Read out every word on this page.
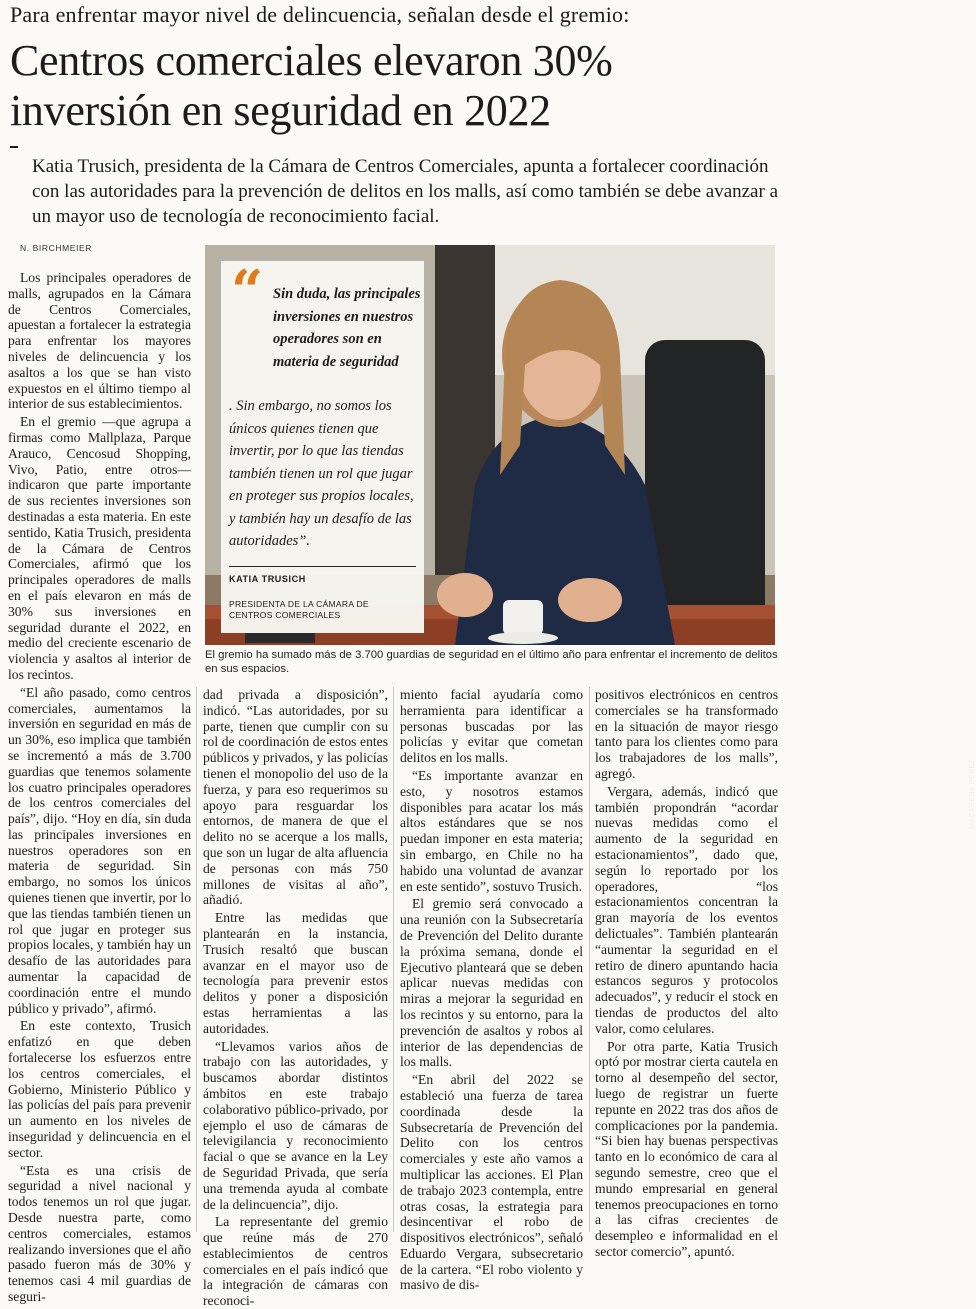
Para enfrentar mayor nivel de delincuencia, señalan desde el gremio:
Centros comerciales elevaron 30% inversión en seguridad en 2022

Katia Trusich, presidenta de la Cámara de Centros Comerciales, apunta a fortalecer coordinación con las autoridades para la prevención de delitos en los malls, así como también se debe avanzar a un mayor uso de tecnología de reconocimiento facial.

N. BIRCHMEIER

Los principales operadores de malls, agrupados en la Cámara de Centros Comerciales, apuestan a fortalecer la estrategia para enfrentar los mayores niveles de delincuencia y los asaltos a los que se han visto expuestos en el último tiempo al interior de sus establecimientos.

En el gremio —que agrupa a firmas como Mallplaza, Parque Arauco, Cencosud Shopping, Vivo, Patio, entre otros— indicaron que parte importante de sus recientes inversiones son destinadas a esta materia. En este sentido, Katia Trusich, presidenta de la Cámara de Centros Comerciales, afirmó que los principales operadores de malls en el país elevaron en más de 30% sus inversiones en seguridad durante el 2022, en medio del creciente escenario de violencia y asaltos al interior de los recintos.

“El año pasado, como centros comerciales, aumentamos la inversión en seguridad en más de un 30%, eso implica que también se incrementó a más de 3.700 guardias que tenemos solamente los cuatro principales operadores de los centros comerciales del país”, dijo. “Hoy en día, sin duda las principales inversiones en nuestros operadores son en materia de seguridad. Sin embargo, no somos los únicos quienes tienen que invertir, por lo que las tiendas también tienen un rol que jugar en proteger sus propios locales, y también hay un desafío de las autoridades para aumentar la capacidad de coordinación entre el mundo público y privado”, afirmó.

En este contexto, Trusich enfatizó en que deben fortalecerse los esfuerzos entre los centros comerciales, el Gobierno, Ministerio Público y las policías del país para prevenir un aumento en los niveles de inseguridad y delincuencia en el sector.

“Esta es una crisis de seguridad a nivel nacional y todos tenemos un rol que jugar. Desde nuestra parte, como centros comerciales, estamos realizando inversiones que el año pasado fueron más de 30% y tenemos casi 4 mil guardias de seguri-

MACARENA PÉREZ
“ Sin duda, las principales inversiones en nuestros operadores son en materia de seguridad
. Sin embargo, no somos los únicos quienes tienen que invertir, por lo que las tiendas también tienen un rol que jugar en proteger sus propios locales, y también hay un desafío de las autoridades”.
KATIA TRUSICH
PRESIDENTA DE LA CÁMARA DE CENTROS COMERCIALES
El gremio ha sumado más de 3.700 guardias de seguridad en el último año para enfrentar el incremento de delitos en sus espacios.

dad privada a disposición”, indicó. “Las autoridades, por su parte, tienen que cumplir con su rol de coordinación de estos entes públicos y privados, y las policías tienen el monopolio del uso de la fuerza, y para eso requerimos su apoyo para resguardar los entornos, de manera de que el delito no se acerque a los malls, que son un lugar de alta afluencia de personas con más 750 millones de visitas al año”, añadió.

Entre las medidas que plantearán en la instancia, Trusich resaltó que buscan avanzar en el mayor uso de tecnología para prevenir estos delitos y poner a disposición estas herramientas a las autoridades.

“Llevamos varios años de trabajo con las autoridades, y buscamos abordar distintos ámbitos en este trabajo colaborativo público-privado, por ejemplo el uso de cámaras de televigilancia y reconocimiento facial o que se avance en la Ley de Seguridad Privada, que sería una tremenda ayuda al combate de la delincuencia”, dijo.

La representante del gremio que reúne más de 270 establecimientos de centros comerciales en el país indicó que la integración de cámaras con reconoci-

miento facial ayudaría como herramienta para identificar a personas buscadas por las policías y evitar que cometan delitos en los malls.

“Es importante avanzar en esto, y nosotros estamos disponibles para acatar los más altos estándares que se nos puedan imponer en esta materia; sin embargo, en Chile no ha habido una voluntad de avanzar en este sentido”, sostuvo Trusich.

El gremio será convocado a una reunión con la Subsecretaría de Prevención del Delito durante la próxima semana, donde el Ejecutivo planteará que se deben aplicar nuevas medidas con miras a mejorar la seguridad en los recintos y su entorno, para la prevención de asaltos y robos al interior de las dependencias de los malls.

“En abril del 2022 se estableció una fuerza de tarea coordinada desde la Subsecretaría de Prevención del Delito con los centros comerciales y este año vamos a multiplicar las acciones. El Plan de trabajo 2023 contempla, entre otras cosas, la estrategia para desincentivar el robo de dispositivos electrónicos”, señaló Eduardo Vergara, subsecretario de la cartera. “El robo violento y masivo de dis-

positivos electrónicos en centros comerciales se ha transformado en la situación de mayor riesgo tanto para los clientes como para los trabajadores de los malls”, agregó.

Vergara, además, indicó que también propondrán “acordar nuevas medidas como el aumento de la seguridad en estacionamientos”, dado que, según lo reportado por los operadores, “los estacionamientos concentran la gran mayoría de los eventos delictuales”. También plantearán “aumentar la seguridad en el retiro de dinero apuntando hacia estancos seguros y protocolos adecuados”, y reducir el stock en tiendas de productos del alto valor, como celulares.

Por otra parte, Katia Trusich optó por mostrar cierta cautela en torno al desempeño del sector, luego de registrar un fuerte repunte en 2022 tras dos años de complicaciones por la pandemia. “Si bien hay buenas perspectivas tanto en lo económico de cara al segundo semestre, creo que el mundo empresarial en general tenemos preocupaciones en torno a las cifras crecientes de desempleo e informalidad en el sector comercio”, apuntó.
